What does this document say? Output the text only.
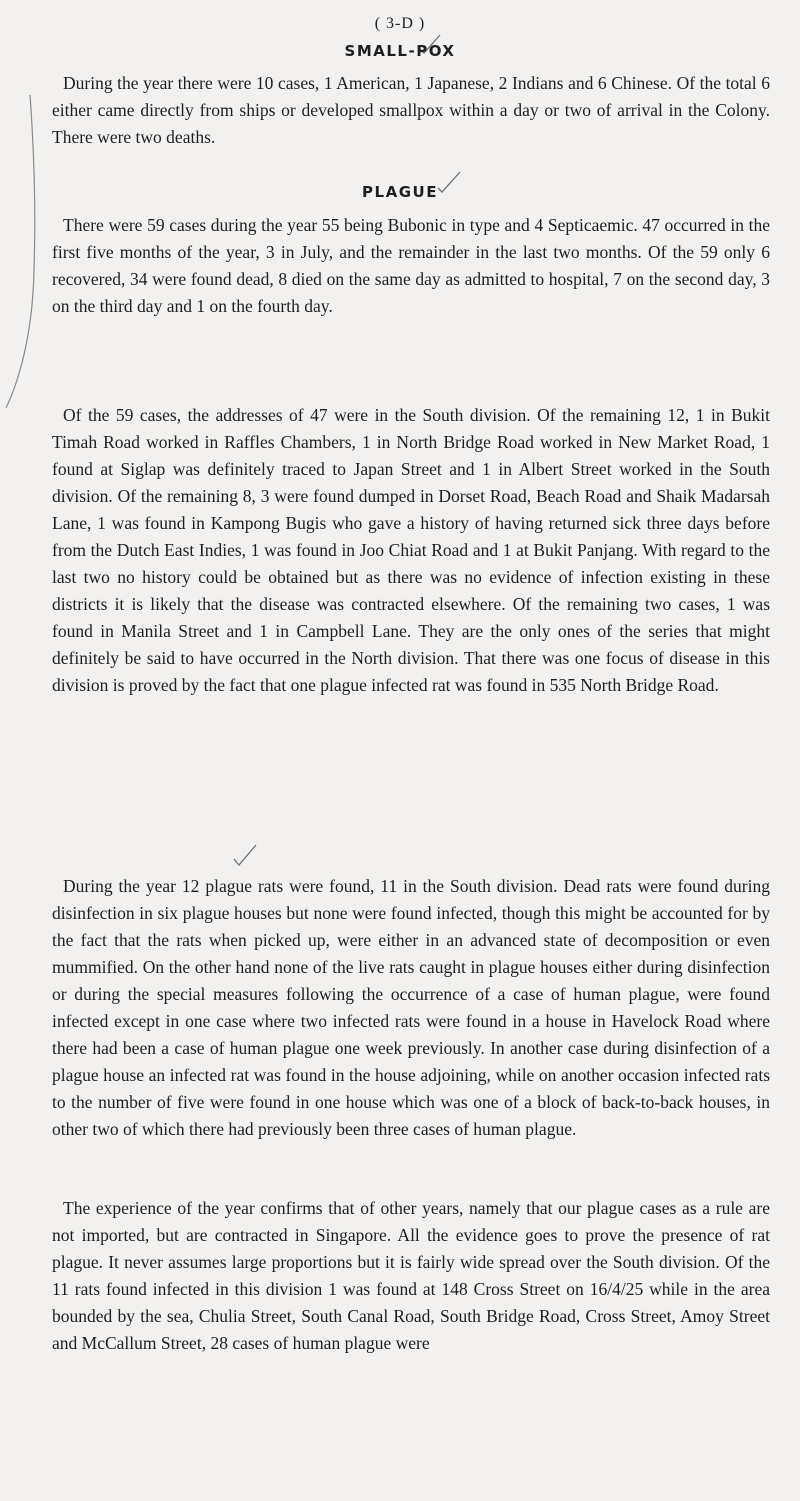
( 3-D )
SMALL-POX

During the year there were 10 cases, 1 American, 1 Japanese, 2 Indians and 6 Chinese. Of the total 6 either came directly from ships or developed smallpox within a day or two of arrival in the Colony. There were two deaths.

PLAGUE

There were 59 cases during the year 55 being Bubonic in type and 4 Septicaemic. 47 occurred in the first five months of the year, 3 in July, and the remainder in the last two months. Of the 59 only 6 recovered, 34 were found dead, 8 died on the same day as admitted to hospital, 7 on the second day, 3 on the third day and 1 on the fourth day.

Of the 59 cases, the addresses of 47 were in the South division. Of the remaining 12, 1 in Bukit Timah Road worked in Raffles Chambers, 1 in North Bridge Road worked in New Market Road, 1 found at Siglap was definitely traced to Japan Street and 1 in Albert Street worked in the South division. Of the remaining 8, 3 were found dumped in Dorset Road, Beach Road and Shaik Madarsah Lane, 1 was found in Kampong Bugis who gave a history of having returned sick three days before from the Dutch East Indies, 1 was found in Joo Chiat Road and 1 at Bukit Panjang. With regard to the last two no history could be obtained but as there was no evidence of infection existing in these districts it is likely that the disease was contracted elsewhere. Of the remaining two cases, 1 was found in Manila Street and 1 in Campbell Lane. They are the only ones of the series that might definitely be said to have occurred in the North division. That there was one focus of disease in this division is proved by the fact that one plague infected rat was found in 535 North Bridge Road.

During the year 12 plague rats were found, 11 in the South division. Dead rats were found during disinfection in six plague houses but none were found infected, though this might be accounted for by the fact that the rats when picked up, were either in an advanced state of decomposition or even mummified. On the other hand none of the live rats caught in plague houses either during disinfection or during the special measures following the occurrence of a case of human plague, were found infected except in one case where two infected rats were found in a house in Havelock Road where there had been a case of human plague one week previously. In another case during disinfection of a plague house an infected rat was found in the house adjoining, while on another occasion infected rats to the number of five were found in one house which was one of a block of back-to-back houses, in other two of which there had previously been three cases of human plague.

The experience of the year confirms that of other years, namely that our plague cases as a rule are not imported, but are contracted in Singapore. All the evidence goes to prove the presence of rat plague. It never assumes large proportions but it is fairly wide spread over the South division. Of the 11 rats found infected in this division 1 was found at 148 Cross Street on 16/4/25 while in the area bounded by the sea, Chulia Street, South Canal Road, South Bridge Road, Cross Street, Amoy Street and McCallum Street, 28 cases of human plague were
